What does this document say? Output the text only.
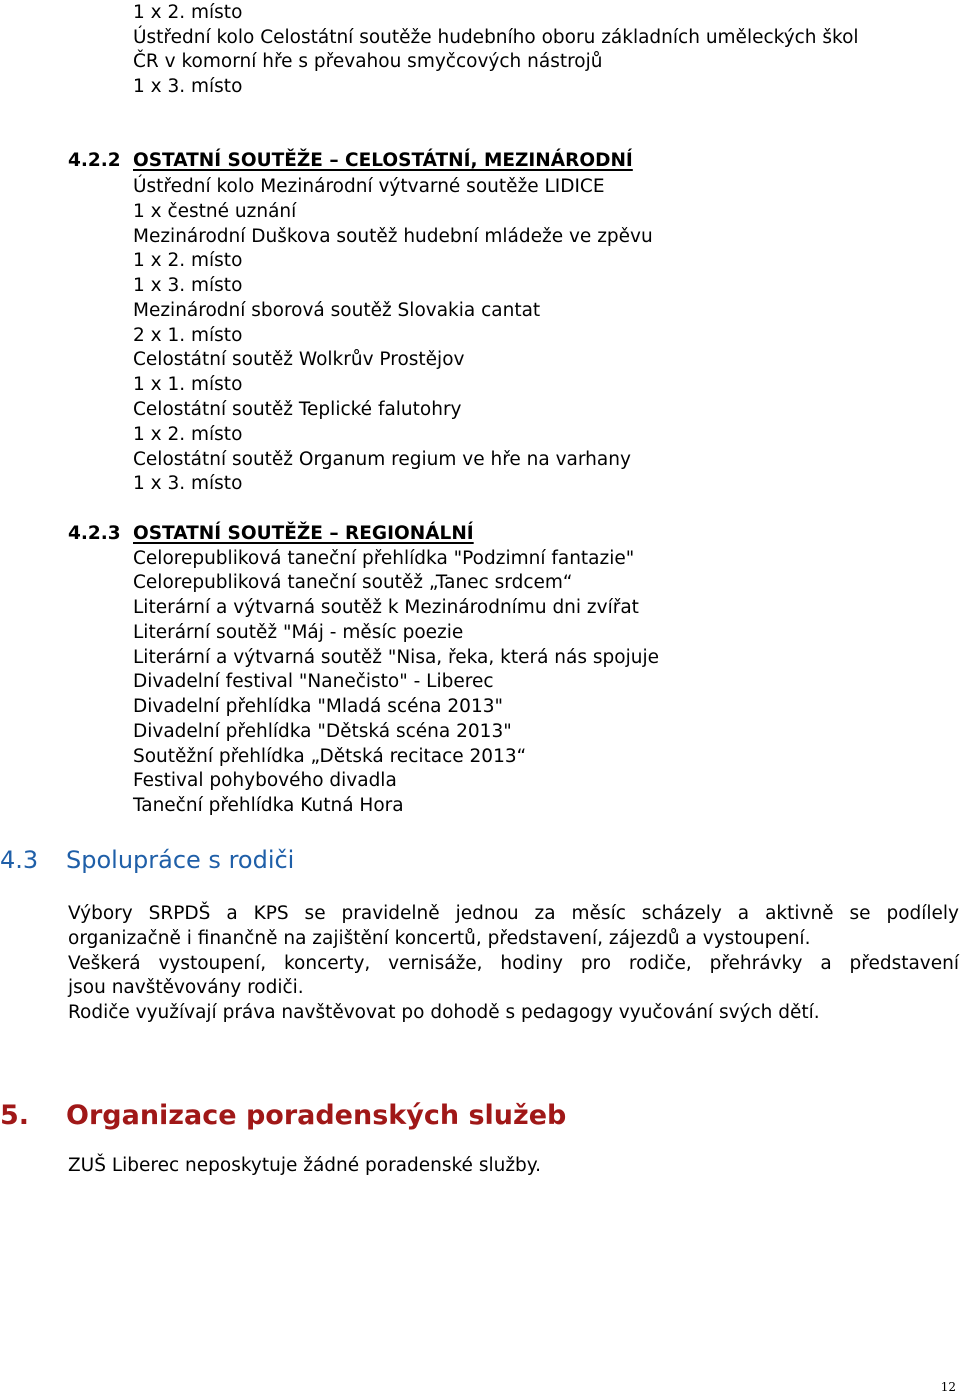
1 x 2. místo
Ústřední kolo Celostátní soutěže hudebního oboru základních uměleckých škol
ČR v komorní hře s převahou smyčcových nástrojů
1 x 3. místo
4.2.2 OSTATNÍ SOUTĚŽE – CELOSTÁTNÍ, MEZINÁRODNÍ
Ústřední kolo Mezinárodní výtvarné soutěže LIDICE
1 x čestné uznání
Mezinárodní Duškova soutěž hudební mládeže ve zpěvu
1 x 2. místo
1 x 3. místo
Mezinárodní sborová soutěž Slovakia cantat
2 x 1. místo
Celostátní soutěž Wolkrův Prostějov
1 x 1. místo
Celostátní soutěž Teplické falutohry
1 x 2. místo
Celostátní soutěž Organum regium ve hře na varhany
1 x 3. místo
4.2.3 OSTATNÍ SOUTĚŽE – REGIONÁLNÍ
Celorepubliková taneční přehlídka "Podzimní fantazie"
Celorepubliková taneční soutěž „Tanec srdcem“
Literární a výtvarná soutěž k Mezinárodnímu dni zvířat
Literární soutěž "Máj - měsíc poezie
Literární a výtvarná soutěž "Nisa, řeka, která nás spojuje
Divadelní festival "Nanečisto" - Liberec
Divadelní přehlídka "Mladá scéna 2013"
Divadelní přehlídka "Dětská scéna 2013"
Soutěžní přehlídka „Dětská recitace 2013“
Festival pohybového divadla
Taneční přehlídka Kutná Hora
4.3 Spolupráce s rodiči
Výbory SRPDŠ a KPS se pravidelně jednou za měsíc scházely a aktivně se podílely
organizačně i finančně na zajištění koncertů, představení, zájezdů a vystoupení.
Veškerá vystoupení, koncerty, vernisáže, hodiny pro rodiče, přehrávky a představení
jsou navštěvovány rodiči.
Rodiče využívají práva navštěvovat po dohodě s pedagogy vyučování svých dětí.
5. Organizace poradenských služeb
ZUŠ Liberec neposkytuje žádné poradenské služby.
12
